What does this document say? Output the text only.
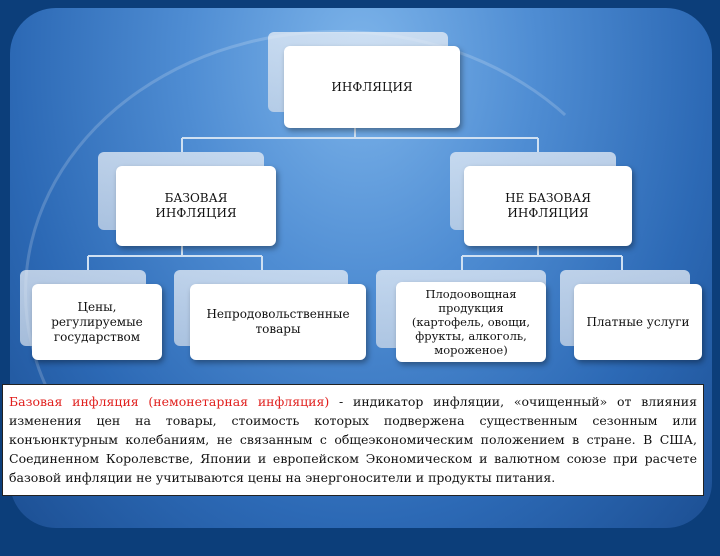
ИНФЛЯЦИЯ
БАЗОВАЯ
ИНФЛЯЦИЯ
НЕ БАЗОВАЯ
ИНФЛЯЦИЯ
Цены,
регулируемые
государством
Непродовольственные
товары
Плодоовощная
продукция
(картофель, овощи,
фрукты, алкоголь,
мороженое)
Платные услуги
Базовая инфляция (немонетарная инфляция) - индикатор инфляции, «очищенный» от влияния изменения цен на товары, стоимость которых подвержена существенным сезонным или конъюнктурным колебаниям, не связанным с общеэкономическим положением в стране. В США, Соединенном Королевстве, Японии и европейском Экономическом и валютном союзе при расчете базовой инфляции не учитываются цены на энергоносители и продукты питания.
